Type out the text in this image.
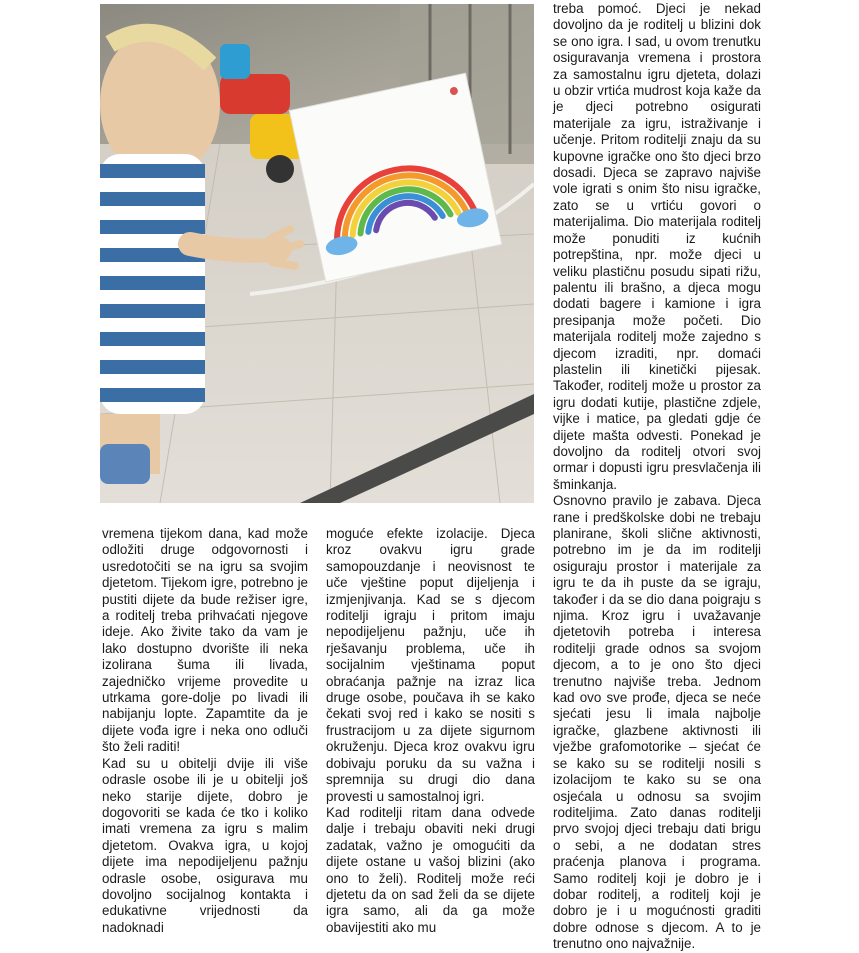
vremena tijekom dana, kad može odložiti druge odgovornosti i usredotočiti se na igru sa svojim djetetom. Tijekom igre, potrebno je pustiti dijete da bude režiser igre, a roditelj treba prihvaćati njegove ideje. Ako živite tako da vam je lako dostupno dvorište ili neka izolirana šuma ili livada, zajedničko vrijeme provedite u utrkama gore-dolje po livadi ili nabijanju lopte. Zapamtite da je dijete vođa igre i neka ono odluči što želi raditi!

Kad su u obitelji dvije ili više odrasle osobe ili je u obitelji još neko starije dijete, dobro je dogovoriti se kada će tko i koliko imati vremena za igru s malim djetetom. Ovakva igra, u kojoj dijete ima nepodijeljenu pažnju odrasle osobe, osigurava mu dovoljno socijalnog kontakta i edukativne vrijednosti da nadoknadi

moguće efekte izolacije. Djeca kroz ovakvu igru grade samopouzdanje i neovisnost te uče vještine poput dijeljenja i izmjenjivanja. Kad se s djecom roditelji igraju i pritom imaju nepodijeljenu pažnju, uče ih rješavanju problema, uče ih socijalnim vještinama poput obraćanja pažnje na izraz lica druge osobe, poučava ih se kako čekati svoj red i kako se nositi s frustracijom u za dijete sigurnom okruženju. Djeca kroz ovakvu igru dobivaju poruku da su važna i spremnija su drugi dio dana provesti u samostalnoj igri.

Kad roditelji ritam dana odvede dalje i trebaju obaviti neki drugi zadatak, važno je omogućiti da dijete ostane u vašoj blizini (ako ono to želi). Roditelj može reći djetetu da on sad želi da se dijete igra samo, ali da ga može obavijestiti ako mu

treba pomoć. Djeci je nekad dovoljno da je roditelj u blizini dok se ono igra. I sad, u ovom trenutku osiguravanja vremena i prostora za samostalnu igru djeteta, dolazi u obzir vrtića mudrost koja kaže da je djeci potrebno osigurati materijale za igru, istraživanje i učenje. Pritom roditelji znaju da su kupovne igračke ono što djeci brzo dosadi. Djeca se zapravo najviše vole igrati s onim što nisu igračke, zato se u vrtiću govori o materijalima. Dio materijala roditelj može ponuditi iz kućnih potrepština, npr. može djeci u veliku plastičnu posudu sipati rižu, palentu ili brašno, a djeca mogu dodati bagere i kamione i igra presipanja može početi. Dio materijala roditelj može zajedno s djecom izraditi, npr. domaći plastelin ili kinetički pijesak. Također, roditelj može u prostor za igru dodati kutije, plastične zdjele, vijke i matice, pa gledati gdje će dijete mašta odvesti. Ponekad je dovoljno da roditelj otvori svoj ormar i dopusti igru presvlačenja ili šminkanja.

Osnovno pravilo je zabava. Djeca rane i predškolske dobi ne trebaju planirane, školi slične aktivnosti, potrebno im je da im roditelji osiguraju prostor i materijale za igru te da ih puste da se igraju, također i da se dio dana poigraju s njima. Kroz igru i uvažavanje djetetovih potreba i interesa roditelji grade odnos sa svojom djecom, a to je ono što djeci trenutno najviše treba. Jednom kad ovo sve prođe, djeca se neće sjećati jesu li imala najbolje igračke, glazbene aktivnosti ili vježbe grafomotorike – sjećat će se kako su se roditelji nosili s izolacijom te kako su se ona osjećala u odnosu sa svojim roditeljima. Zato danas roditelji prvo svojoj djeci trebaju dati brigu o sebi, a ne dodatan stres praćenja planova i programa. Samo roditelj koji je dobro je i dobar roditelj, a roditelj koji je dobro je i u mogućnosti graditi dobre odnose s djecom. A to je trenutno ono najvažnije.
